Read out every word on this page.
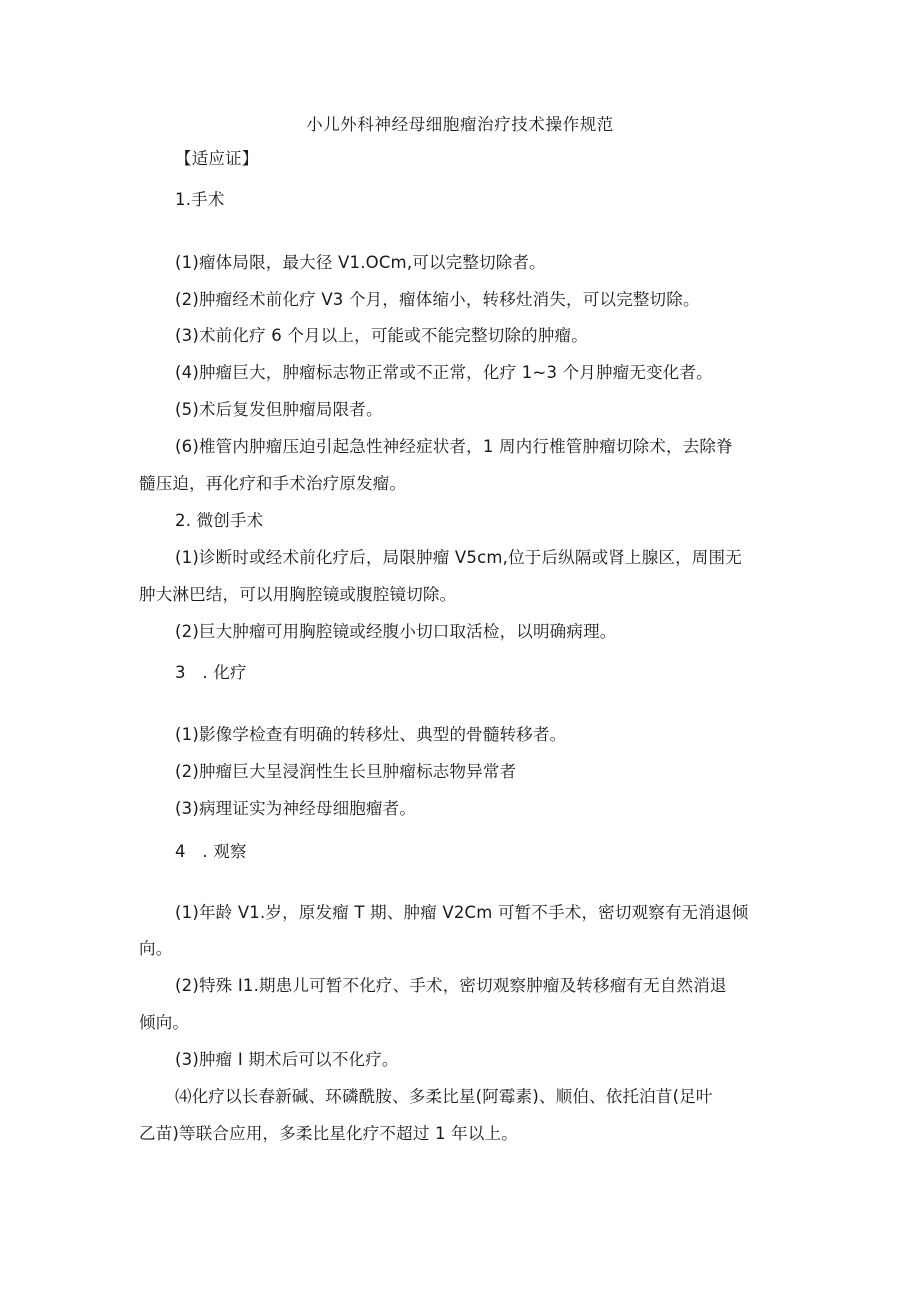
小儿外科神经母细胞瘤治疗技术操作规范

【适应证】

1.手术

(1)瘤体局限，最大径 V1.OCm,可以完整切除者。

(2)肿瘤经术前化疗 V3 个月，瘤体缩小，转移灶消失，可以完整切除。

(3)术前化疗 6 个月以上，可能或不能完整切除的肿瘤。

(4)肿瘤巨大，肿瘤标志物正常或不正常，化疗 1~3 个月肿瘤无变化者。

(5)术后复发但肿瘤局限者。

(6)椎管内肿瘤压迫引起急性神经症状者，1 周内行椎管肿瘤切除术，去除脊

髓压迫，再化疗和手术治疗原发瘤。

2. 微创手术

(1)诊断时或经术前化疗后，局限肿瘤 V5cm,位于后纵隔或肾上腺区，周围无

肿大淋巴结，可以用胸腔镜或腹腔镜切除。

(2)巨大肿瘤可用胸腔镜或经腹小切口取活检，以明确病理。

3　. 化疗

(1)影像学检查有明确的转移灶、典型的骨髓转移者。

(2)肿瘤巨大呈浸润性生长旦肿瘤标志物异常者

(3)病理证实为神经母细胞瘤者。

4　. 观察

(1)年龄 V1.岁，原发瘤 T 期、肿瘤 V2Cm 可暂不手术，密切观察有无消退倾

向。

(2)特殊 I1.期患儿可暂不化疗、手术，密切观察肿瘤及转移瘤有无自然消退

倾向。

(3)肿瘤 I 期术后可以不化疗。

⑷化疗以长春新碱、环磷酰胺、多柔比星(阿霉素)、顺伯、依托泊苜(足叶

乙苗)等联合应用，多柔比星化疗不超过 1 年以上。
